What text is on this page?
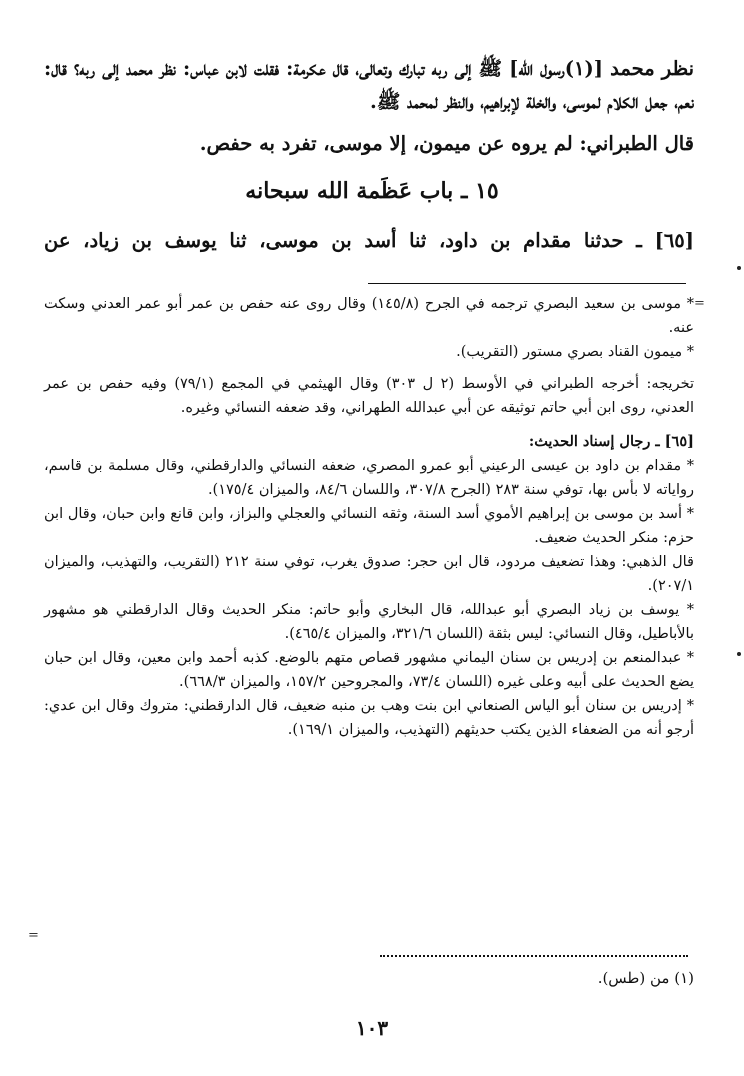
نظر محمد [(١)رسول الله] ﷺ إلى ربه تبارك وتعالى، قال عكرمة: فقلت لابن عباس: نظر محمد إلى ربه؟ قال: نعم، جعل الكلام لموسى، والخلة لإبراهيم، والنظر لمحمد ﷺ.

قال الطبراني: لم يروه عن ميمون، إلا موسى، تفرد به حفص.

١٥ ـ باب عَظَمة الله سبحانه
[٦٥] ـ حدثنا مقدام بن داود، ثنا أسد بن موسى، ثنا يوسف بن زياد، عن
=

* موسى بن سعيد البصري ترجمه في الجرح (١٤٥/٨) وقال روى عنه حفص بن عمر أبو عمر العدني وسكت عنه.

* ميمون القناد بصري مستور (التقريب).

تخريجه: أخرجه الطبراني في الأوسط (٢ ل ٣٠٣) وقال الهيثمي في المجمع (٧٩/١) وفيه حفص بن عمر العدني، روى ابن أبي حاتم توثيقه عن أبي عبدالله الطهراني، وقد ضعفه النسائي وغيره.

[٦٥] ـ رجال إسناد الحديث:

* مقدام بن داود بن عيسى الرعيني أبو عمرو المصري، ضعفه النسائي والدارقطني، وقال مسلمة بن قاسم، رواياته لا بأس بها، توفي سنة ٢٨٣ (الجرح ٣٠٧/٨، واللسان ٨٤/٦، والميزان ١٧٥/٤).

* أسد بن موسى بن إبراهيم الأموي أسد السنة، وثقه النسائي والعجلي والبزاز، وابن قانع وابن حبان، وقال ابن حزم: منكر الحديث ضعيف.

قال الذهبي: وهذا تضعيف مردود، قال ابن حجر: صدوق يغرب، توفي سنة ٢١٢ (التقريب، والتهذيب، والميزان ٢٠٧/١).

* يوسف بن زياد البصري أبو عبدالله، قال البخاري وأبو حاتم: منكر الحديث وقال الدارقطني هو مشهور بالأباطيل، وقال النسائي: ليس بثقة (اللسان ٣٢١/٦، والميزان ٤٦٥/٤).

* عبدالمنعم بن إدريس بن سنان اليماني مشهور قصاص متهم بالوضع. كذبه أحمد وابن معين، وقال ابن حبان يضع الحديث على أبيه وعلى غيره (اللسان ٧٣/٤، والمجروحين ١٥٧/٢، والميزان ٦٦٨/٣).

* إدريس بن سنان أبو الياس الصنعاني ابن بنت وهب بن منبه ضعيف، قال الدارقطني: متروك وقال ابن عدي: أرجو أنه من الضعفاء الذين يكتب حديثهم (التهذيب، والميزان ١٦٩/١).

=
(١) من (طس).
١٠٣
